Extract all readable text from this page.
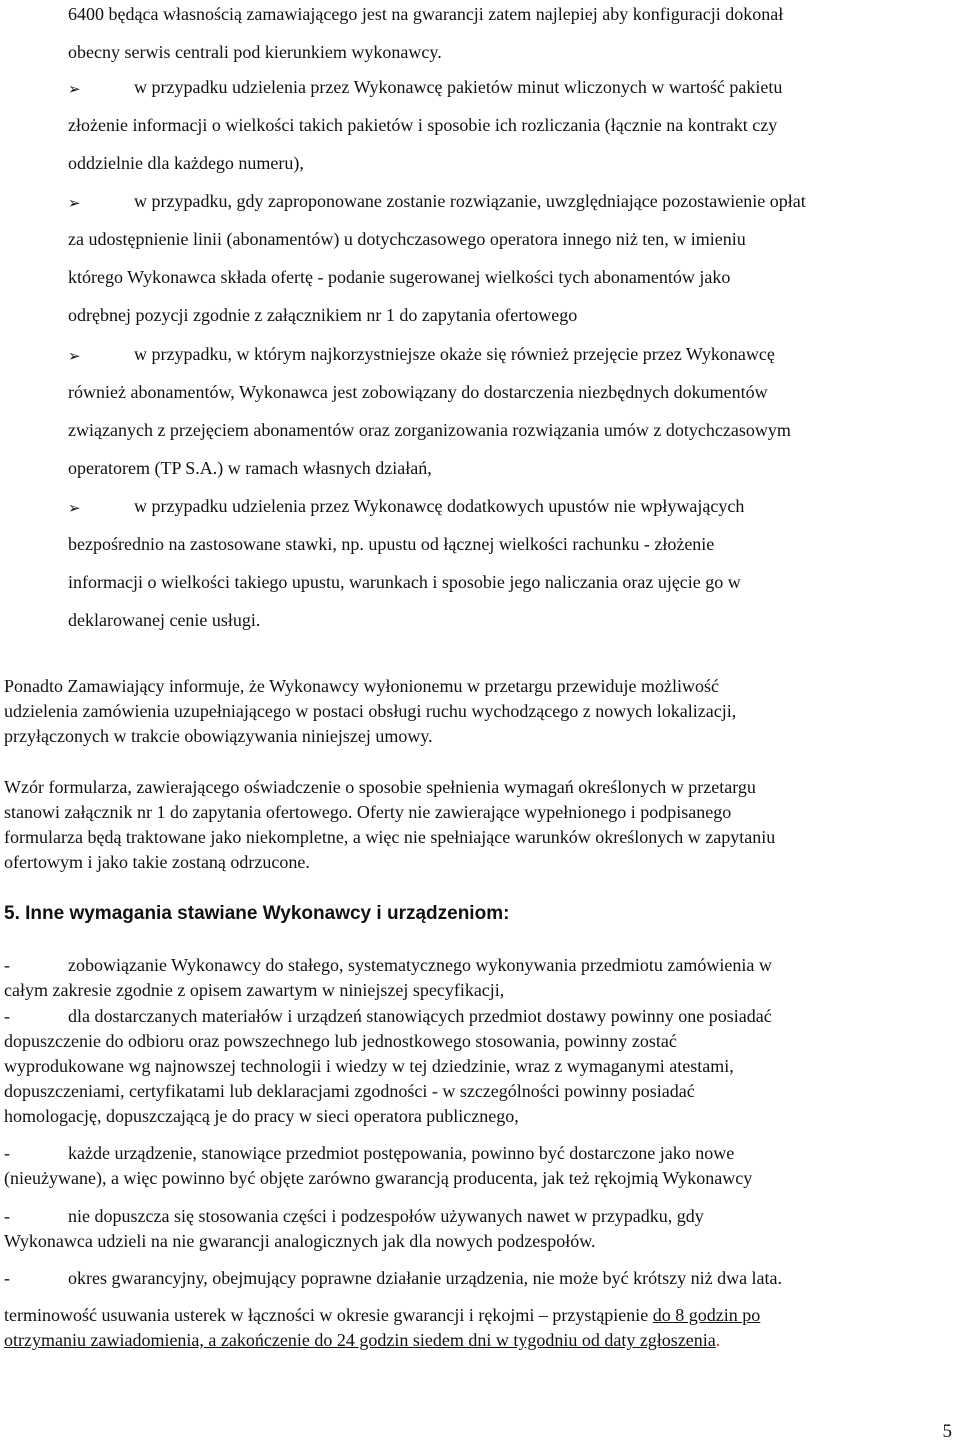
6400 będąca własnością zamawiającego jest na gwarancji zatem najlepiej aby konfiguracji dokonał
obecny serwis centrali pod kierunkiem wykonawcy.
➢	w przypadku udzielenia przez Wykonawcę pakietów minut wliczonych w wartość pakietu
złożenie informacji o wielkości takich pakietów i sposobie ich rozliczania (łącznie na kontrakt czy
oddzielnie dla każdego numeru),
➢	w przypadku, gdy zaproponowane zostanie rozwiązanie, uwzględniające pozostawienie opłat
za udostępnienie linii (abonamentów) u dotychczasowego operatora innego niż ten, w imieniu
którego Wykonawca składa ofertę - podanie sugerowanej wielkości tych abonamentów jako
odrębnej pozycji zgodnie z załącznikiem nr 1 do zapytania ofertowego
➢	w przypadku, w którym najkorzystniejsze okaże się również przejęcie przez Wykonawcę
również abonamentów, Wykonawca jest zobowiązany do dostarczenia niezbędnych dokumentów
związanych z przejęciem abonamentów oraz zorganizowania rozwiązania umów z dotychczasowym
operatorem (TP S.A.) w ramach własnych działań,
➢	w przypadku udzielenia przez Wykonawcę dodatkowych upustów nie wpływających
bezpośrednio na zastosowane stawki, np. upustu od łącznej wielkości rachunku - złożenie
informacji o wielkości takiego upustu, warunkach i sposobie jego naliczania oraz ujęcie go w
deklarowanej cenie usługi.
Ponadto Zamawiający informuje, że Wykonawcy wyłonionemu w przetargu przewiduje możliwość
udzielenia zamówienia uzupełniającego w postaci obsługi ruchu wychodzącego z nowych lokalizacji,
przyłączonych w trakcie obowiązywania niniejszej umowy.
Wzór formularza, zawierającego oświadczenie o sposobie spełnienia wymagań określonych w przetargu
stanowi załącznik nr 1 do zapytania ofertowego. Oferty nie zawierające wypełnionego i podpisanego
formularza będą traktowane jako niekompletne, a więc nie spełniające warunków określonych w zapytaniu
ofertowym i jako takie zostaną odrzucone.
5. Inne wymagania stawiane Wykonawcy i urządzeniom:
-	zobowiązanie Wykonawcy do stałego, systematycznego wykonywania przedmiotu zamówienia w
całym zakresie zgodnie z opisem zawartym w niniejszej specyfikacji,
-	dla dostarczanych materiałów i urządzeń stanowiących przedmiot dostawy powinny one posiadać
dopuszczenie do odbioru oraz powszechnego lub jednostkowego stosowania, powinny zostać
wyprodukowane wg najnowszej technologii i wiedzy w tej dziedzinie, wraz z wymaganymi atestami,
dopuszczeniami, certyfikatami lub deklaracjami zgodności - w szczególności powinny posiadać
homologację, dopuszczającą je do pracy w sieci operatora publicznego,
-	każde urządzenie, stanowiące przedmiot postępowania, powinno być dostarczone jako nowe
(nieużywane), a więc powinno być objęte zarówno gwarancją producenta, jak też rękojmią Wykonawcy
-	nie dopuszcza się stosowania części i podzespołów używanych nawet w przypadku, gdy
Wykonawca udzieli na nie gwarancji analogicznych jak dla nowych podzespołów.
-	okres gwarancyjny, obejmujący poprawne działanie urządzenia, nie może być krótszy niż dwa lata.
terminowość usuwania usterek w łączności w okresie gwarancji i rękojmi – przystąpienie do 8 godzin po
otrzymaniu zawiadomienia, a zakończenie do 24 godzin siedem dni w tygodniu od daty zgłoszenia.
5
